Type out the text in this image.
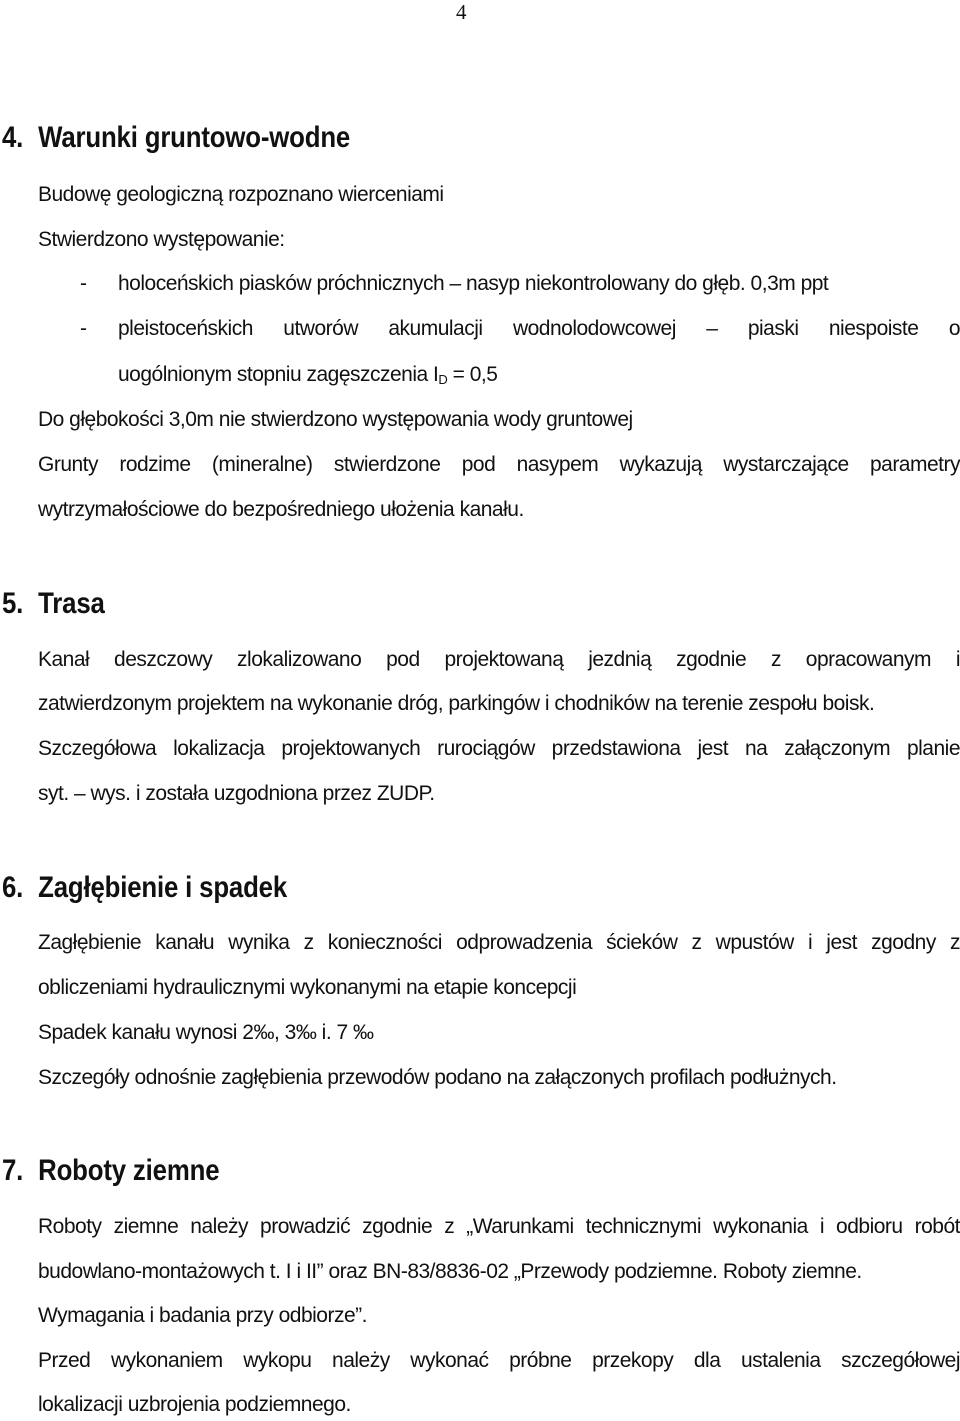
4
4. Warunki gruntowo-wodne
Budowę geologiczną rozpoznano wierceniami
Stwierdzono występowanie:
- holoceńskich piasków próchnicznych – nasyp niekontrolowany do głęb. 0,3m ppt
- pleistoceńskich utworów akumulacji wodnolodowcowej – piaski niespoiste o
uogólnionym stopniu zagęszczenia $I_D = 0,5$
Do głębokości 3,0m nie stwierdzono występowania wody gruntowej
Grunty rodzime (mineralne) stwierdzone pod nasypem wykazują wystarczające parametry
wytrzymałościowe do bezpośredniego ułożenia kanału.
5. Trasa
Kanał deszczowy zlokalizowano pod projektowaną jezdnią zgodnie z opracowanym i
zatwierdzonym projektem na wykonanie dróg, parkingów i chodników na terenie zespołu boisk.
Szczegółowa lokalizacja projektowanych rurociągów przedstawiona jest na załączonym planie
syt. – wys. i została uzgodniona przez ZUDP.
6. Zagłębienie i spadek
Zagłębienie kanału wynika z konieczności odprowadzenia ścieków z wpustów i jest zgodny z
obliczeniami hydraulicznymi wykonanymi na etapie koncepcji
Spadek kanału wynosi 2‰, 3‰ i. 7 ‰
Szczegóły odnośnie zagłębienia przewodów podano na załączonych profilach podłużnych.
7. Roboty ziemne
Roboty ziemne należy prowadzić zgodnie z „Warunkami technicznymi wykonania i odbioru robót
budowlano-montażowych t. I i II” oraz BN-83/8836-02 „Przewody podziemne. Roboty ziemne.
Wymagania i badania przy odbiorze”.
Przed wykonaniem wykopu należy wykonać próbne przekopy dla ustalenia szczegółowej
lokalizacji uzbrojenia podziemnego.
